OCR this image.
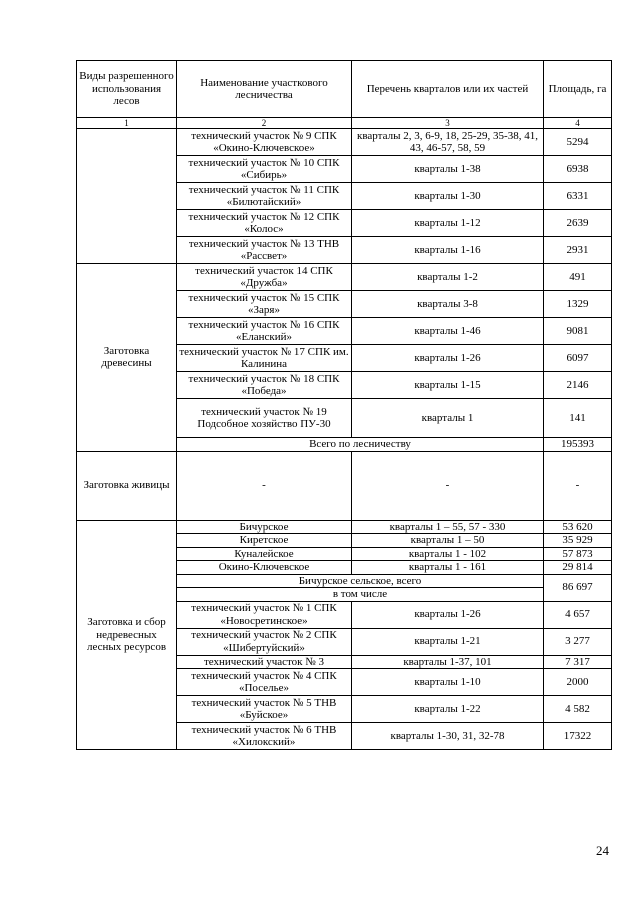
Виды разрешенного использования лесов	Наименование участкового лесничества	Перечень кварталов или их частей	Площадь, га
1	2	3	4
	технический участок № 9 СПК «Окино-Ключевское»	кварталы 2, 3, 6-9, 18, 25-29, 35-38, 41, 43, 46-57, 58, 59	5294
	технический участок № 10 СПК «Сибирь»	кварталы 1-38	6938
	технический участок № 11 СПК «Билютайский»	кварталы 1-30	6331
	технический участок № 12 СПК «Колос»	кварталы 1-12	2639
	технический участок № 13 ТНВ «Рассвет»	кварталы 1-16	2931
Заготовка древесины	технический участок 14 СПК «Дружба»	кварталы 1-2	491
	технический участок № 15 СПК «Заря»	кварталы 3-8	1329
	технический участок № 16 СПК «Еланский»	кварталы 1-46	9081
	технический участок № 17 СПК им. Калинина	кварталы 1-26	6097
	технический участок № 18 СПК «Победа»	кварталы 1-15	2146
	технический участок № 19 Подсобное хозяйство ПУ-30	кварталы 1	141
	Всего по лесничеству		195393
Заготовка живицы	-	-	-
Заготовка и сбор недревесных лесных ресурсов	Бичурское	кварталы 1 – 55, 57 - 330	53 620
	Киретское	кварталы 1 – 50	35 929
	Куналейское	кварталы 1 - 102	57 873
	Окино-Ключевское	кварталы 1 - 161	29 814
	Бичурское сельское, всего		86 697
	в том числе		
	технический участок № 1 СПК «Новосретинское»	кварталы 1-26	4 657
	технический участок № 2 СПК «Шибертуйский»	кварталы 1-21	3 277
	технический участок № 3	кварталы 1-37, 101	7 317
	технический участок № 4 СПК «Поселье»	кварталы 1-10	2000
	технический участок № 5 ТНВ «Буйское»	кварталы 1-22	4 582
	технический участок № 6 ТНВ «Хилокский»	кварталы 1-30, 31, 32-78	17322
24
